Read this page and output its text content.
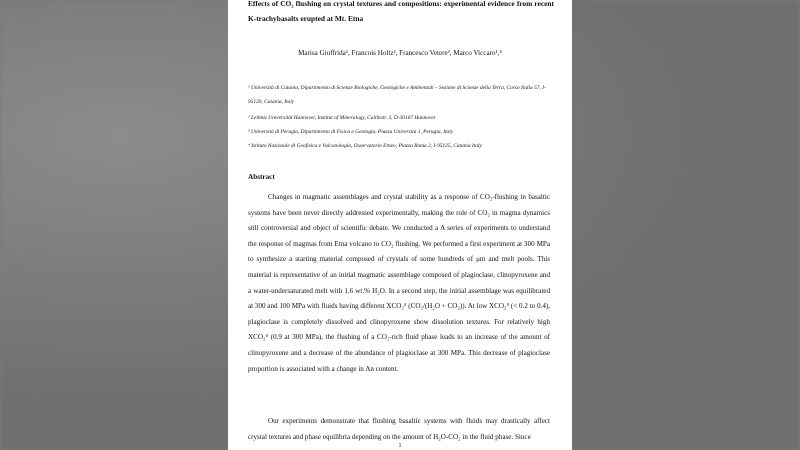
Effects of CO₂ flushing on crystal textures and compositions: experimental evidence from recent K-trachybasalts erupted at Mt. Etna
Marisa Giuffrida¹, Francois Holtz², Francesco Vetere³, Marco Viccaro¹,⁴
¹ Università di Catania, Dipartimento di Scienze Biologiche, Geologiche e Ambientali – Sezione di Scienze della Terra, Corso Italia 57, I-95129, Catania, Italy
² Leibniz Universität Hannover, Institut of Mineralogy, Callinstr. 3, D-30167 Hannover
³ Università di Perugia, Dipartimento di Fisica e Geologia, Piazza Università 1, Perugia, Italy
⁴ Istituto Nazionale di Geofisica e Vulcanologia, Osservatorio Etneo, Piazza Roma 2, I-95125, Catania Italy
Abstract
Changes in magmatic assemblages and crystal stability as a response of CO₂-flushing in basaltic systems have been never directly addressed experimentally, making the role of CO₂ in magma dynamics still controversial and object of scientific debate. We conducted a A series of experiments to understand the response of magmas from Etna volcano to CO₂ flushing. We performed a first experiment at 300 MPa to synthesize a starting material composed of crystals of some hundreds of μm and melt pools. This material is representative of an initial magmatic assemblage composed of plagioclase, clinopyroxene and a water-undersaturated melt with 1.6 wt.% H₂O. In a second step, the initial assemblage was equilibrated at 300 and 100 MPa with fluids having different XCO₂ᶠˡ (CO₂/(H₂O + CO₂)). At low XCO₂ᶠˡ (< 0.2 to 0.4), plagioclase is completely dissolved and clinopyroxene show dissolution textures. For relatively high XCO₂ᶠˡ (0.9 at 300 MPa), the flushing of a CO₂-rich fluid phase leads to an increase of the amount of clinopyroxene and a decrease of the abundance of plagioclase at 300 MPa. This decrease of plagioclase proportion is associated with a change in An content.
Our experiments demonstrate that flushing basaltic systems with fluids may drastically affect crystal textures and phase equilibria depending on the amount of H₂O-CO₂ in the fluid phase. Since
1
